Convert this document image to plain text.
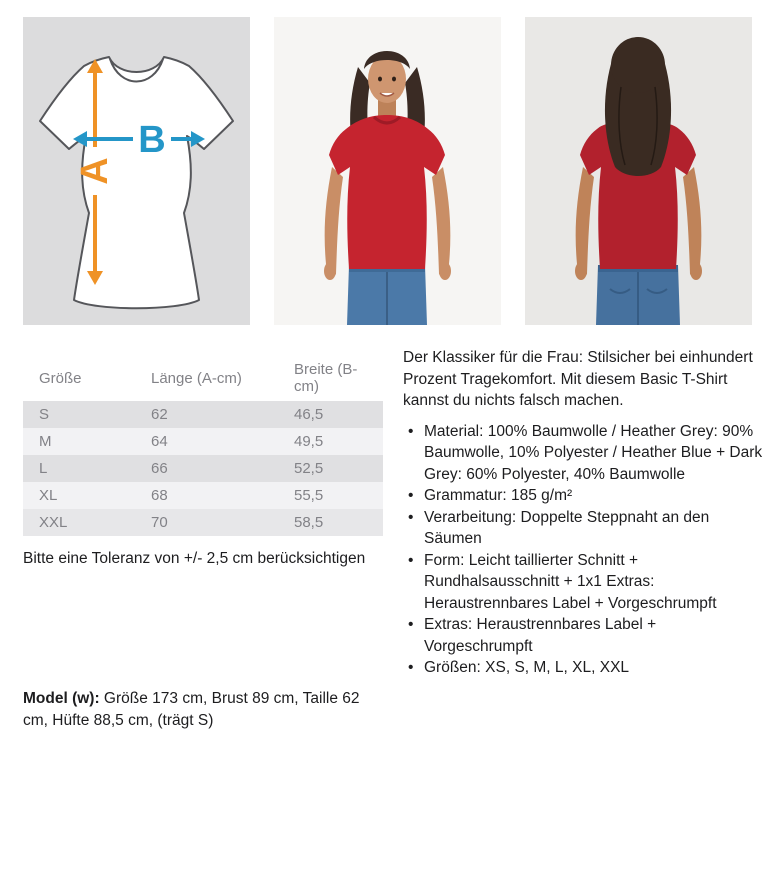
A
B
Größe	Länge (A-cm)	Breite (B-cm)
S	62	46,5
M	64	49,5
L	66	52,5
XL	68	55,5
XXL	70	58,5

Bitte eine Toleranz von +/- 2,5 cm berücksichtigen

Model (w): Größe 173 cm, Brust 89 cm, Taille 62 cm, Hüfte 88,5 cm, (trägt S)

Der Klassiker für die Frau: Stilsicher bei einhundert Prozent Tragekomfort. Mit diesem Basic T-Shirt kannst du nichts falsch machen.

• Material: 100% Baumwolle / Heather Grey: 90% Baumwolle, 10% Polyester / Heather Blue + Dark Grey: 60% Polyester, 40% Baumwolle
• Grammatur: 185 g/m²
• Verarbeitung: Doppelte Steppnaht an den Säumen
• Form: Leicht taillierter Schnitt + Rundhalsausschnitt + 1x1 Extras: Heraustrennbares Label + Vorgeschrumpft
• Extras: Heraustrennbares Label + Vorgeschrumpft
• Größen: XS, S, M, L, XL, XXL
